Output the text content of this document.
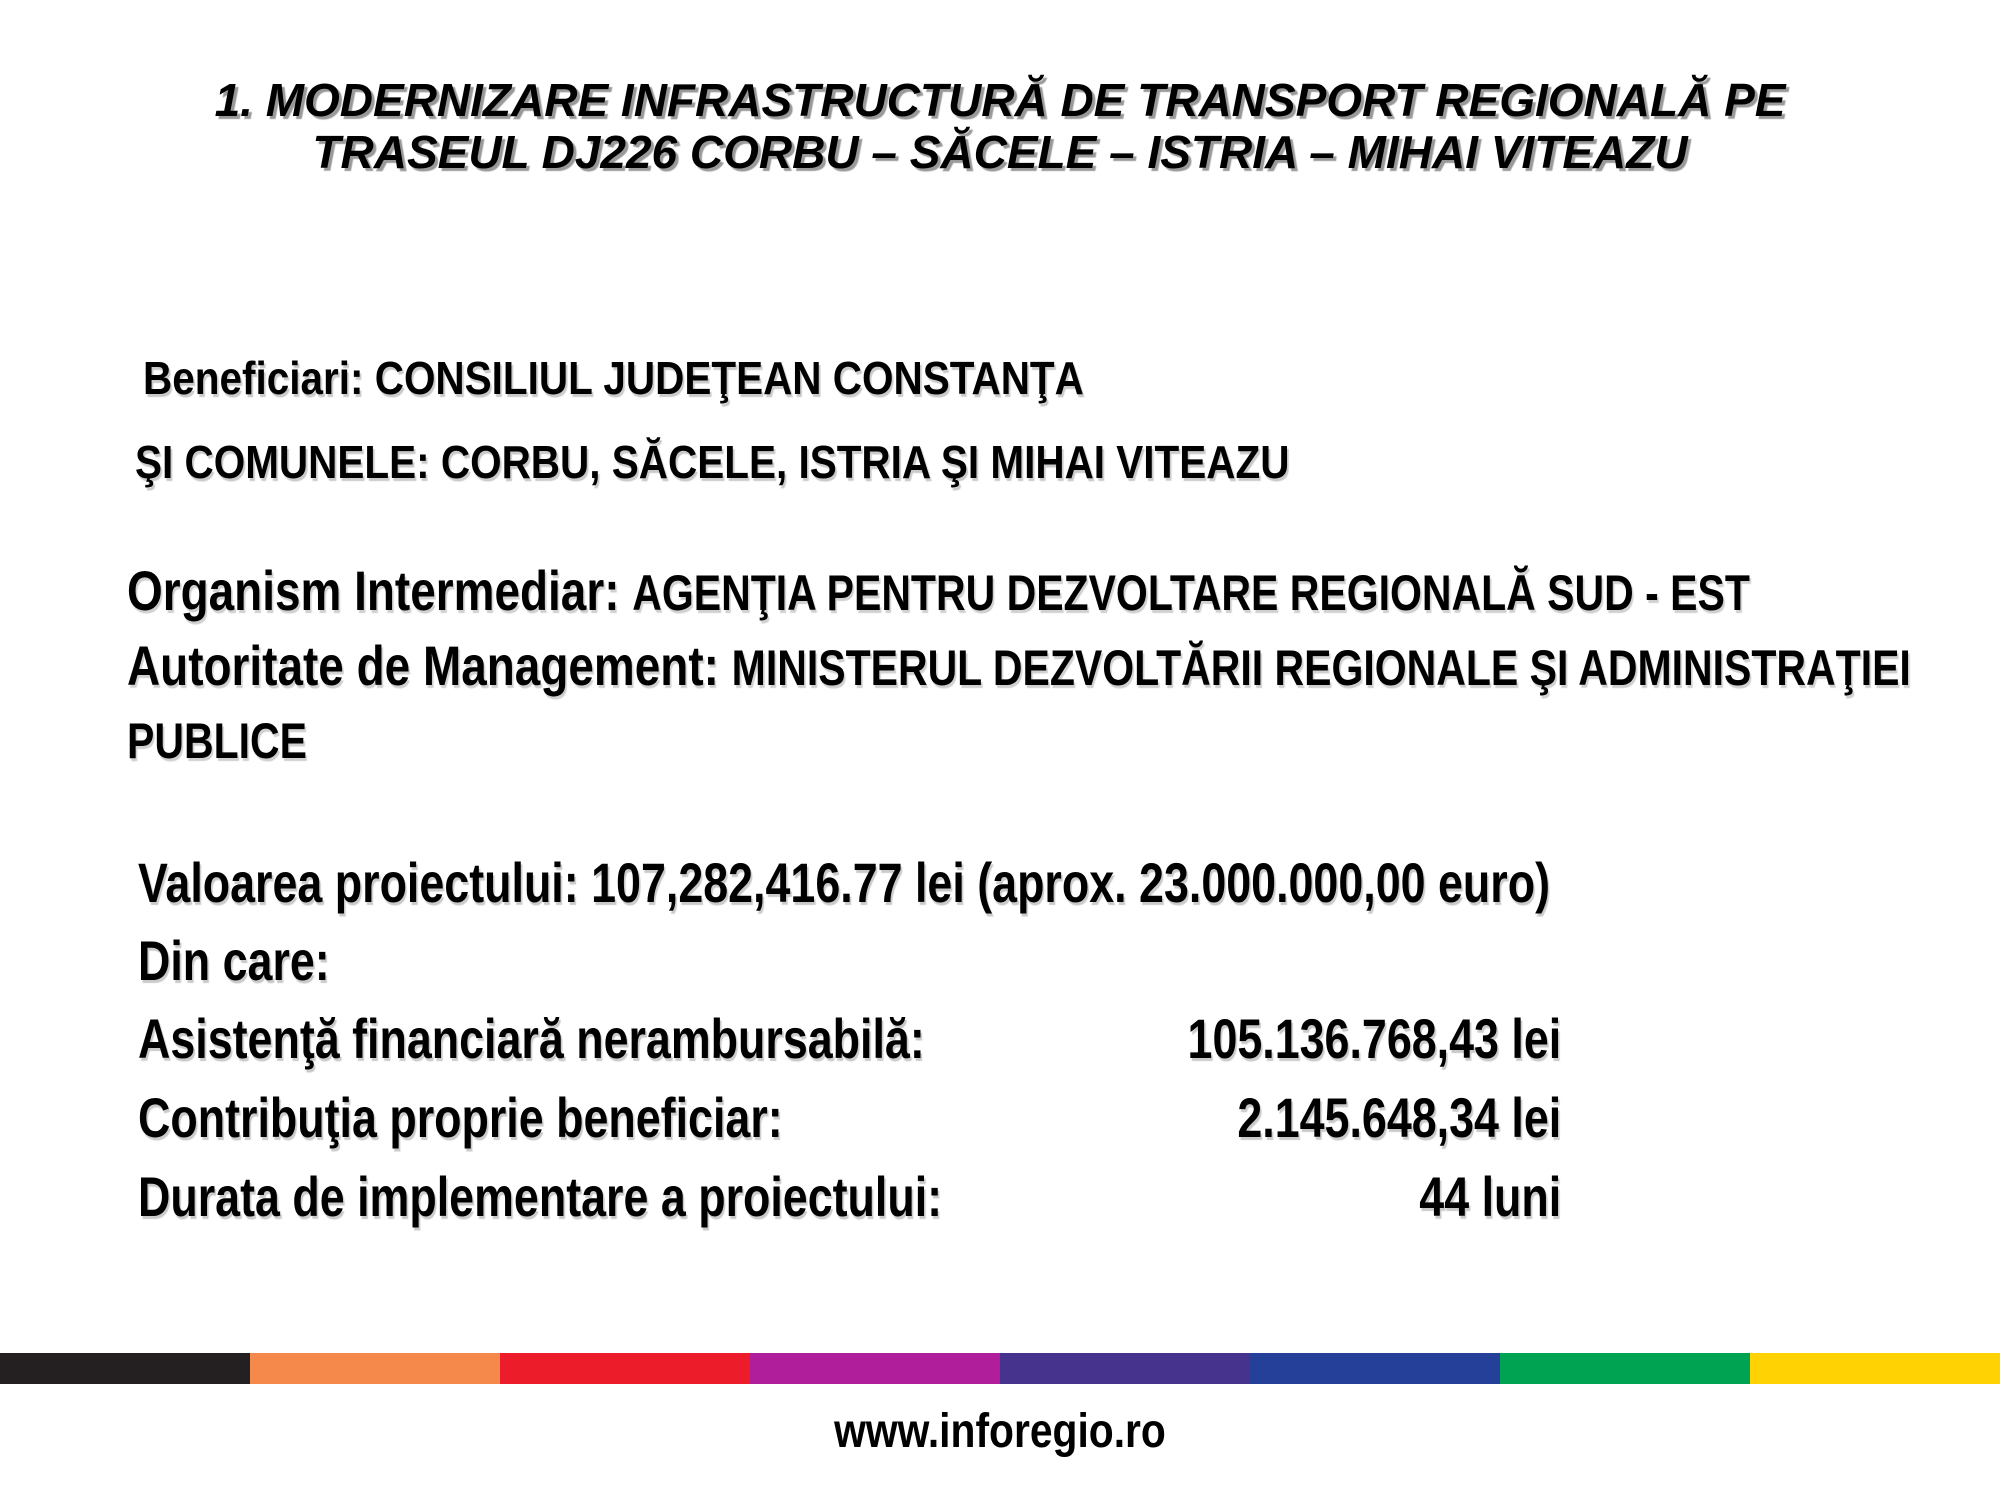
1. MODERNIZARE INFRASTRUCTURĂ DE TRANSPORT REGIONALĂ PE
TRASEUL DJ226 CORBU – SĂCELE – ISTRIA – MIHAI VITEAZU
Beneficiari: CONSILIUL JUDEŢEAN CONSTANŢA
ŞI COMUNELE: CORBU, SĂCELE, ISTRIA ŞI MIHAI VITEAZU
Organism Intermediar: AGENŢIA PENTRU DEZVOLTARE REGIONALĂ SUD - EST
Autoritate de Management: MINISTERUL DEZVOLTĂRII REGIONALE ŞI ADMINISTRAŢIEI
PUBLICE
Valoarea proiectului: 107,282,416.77 lei (aprox. 23.000.000,00 euro)
Din care:
Asistenţă financiară nerambursabilă:	105.136.768,43 lei
Contribuţia proprie beneficiar:	2.145.648,34 lei
Durata de implementare a proiectului:	44 luni
www.inforegio.ro
